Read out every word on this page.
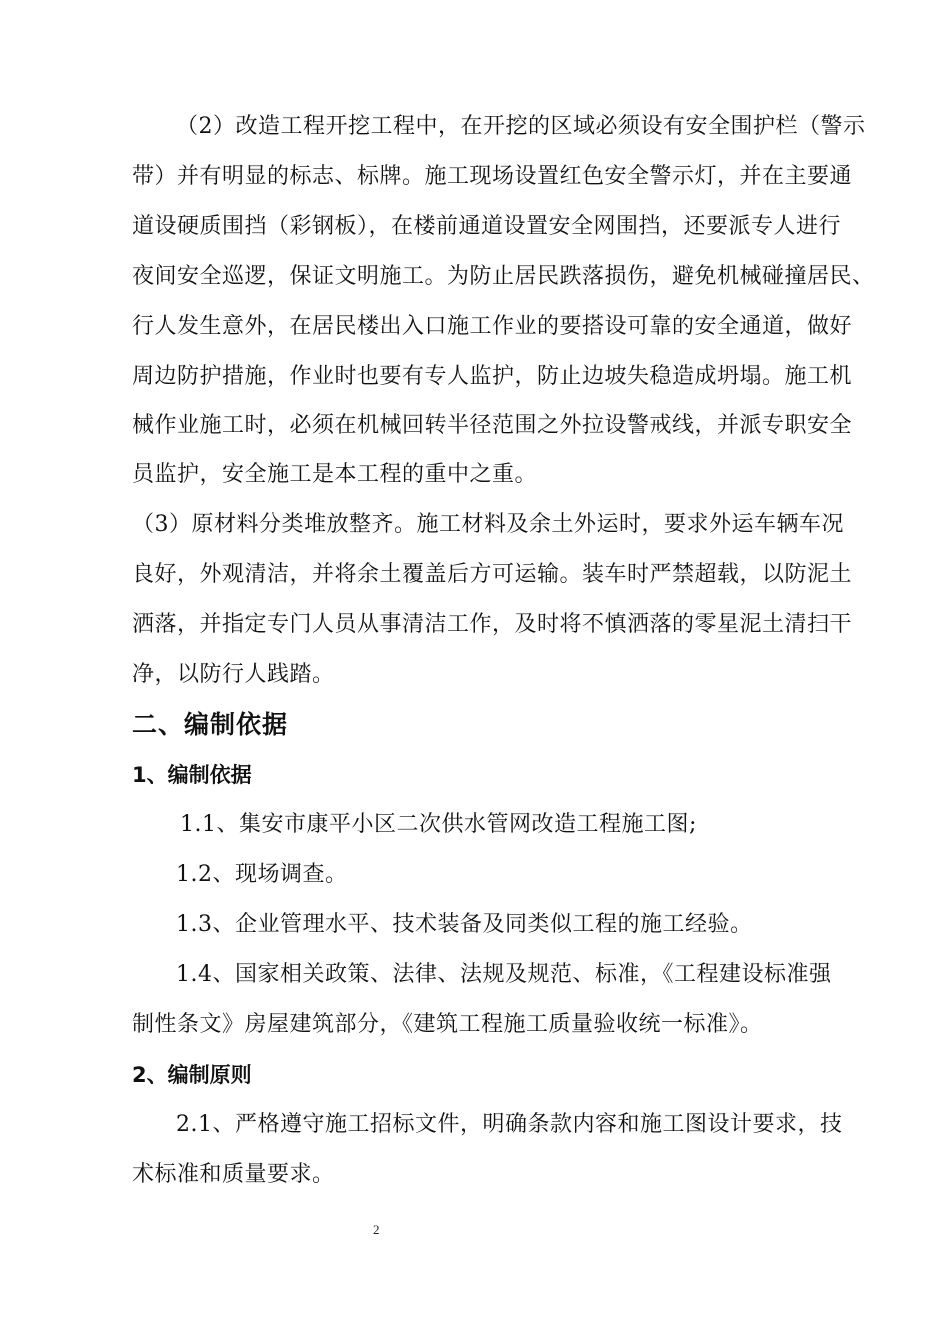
（2）改造工程开挖工程中，在开挖的区域必须设有安全围护栏（警示
带）并有明显的标志、标牌。施工现场设置红色安全警示灯，并在主要通
道设硬质围挡（彩钢板），在楼前通道设置安全网围挡，还要派专人进行
夜间安全巡逻，保证文明施工。为防止居民跌落损伤，避免机械碰撞居民、
行人发生意外，在居民楼出入口施工作业的要搭设可靠的安全通道，做好
周边防护措施，作业时也要有专人监护，防止边坡失稳造成坍塌。施工机
械作业施工时，必须在机械回转半径范围之外拉设警戒线，并派专职安全
员监护，安全施工是本工程的重中之重。
（3）原材料分类堆放整齐。施工材料及余土外运时，要求外运车辆车况
良好，外观清洁，并将余土覆盖后方可运输。装车时严禁超载，以防泥土
洒落，并指定专门人员从事清洁工作，及时将不慎洒落的零星泥土清扫干
净，以防行人践踏。
二、编制依据
1、编制依据
1.1、集安市康平小区二次供水管网改造工程施工图;
1.2、现场调查。
1.3、企业管理水平、技术装备及同类似工程的施工经验。
1.4、国家相关政策、法律、法规及规范、标准，《工程建设标准强
制性条文》房屋建筑部分，《建筑工程施工质量验收统一标准》。
2、编制原则
2.1、严格遵守施工招标文件，明确条款内容和施工图设计要求，技
术标准和质量要求。
2
